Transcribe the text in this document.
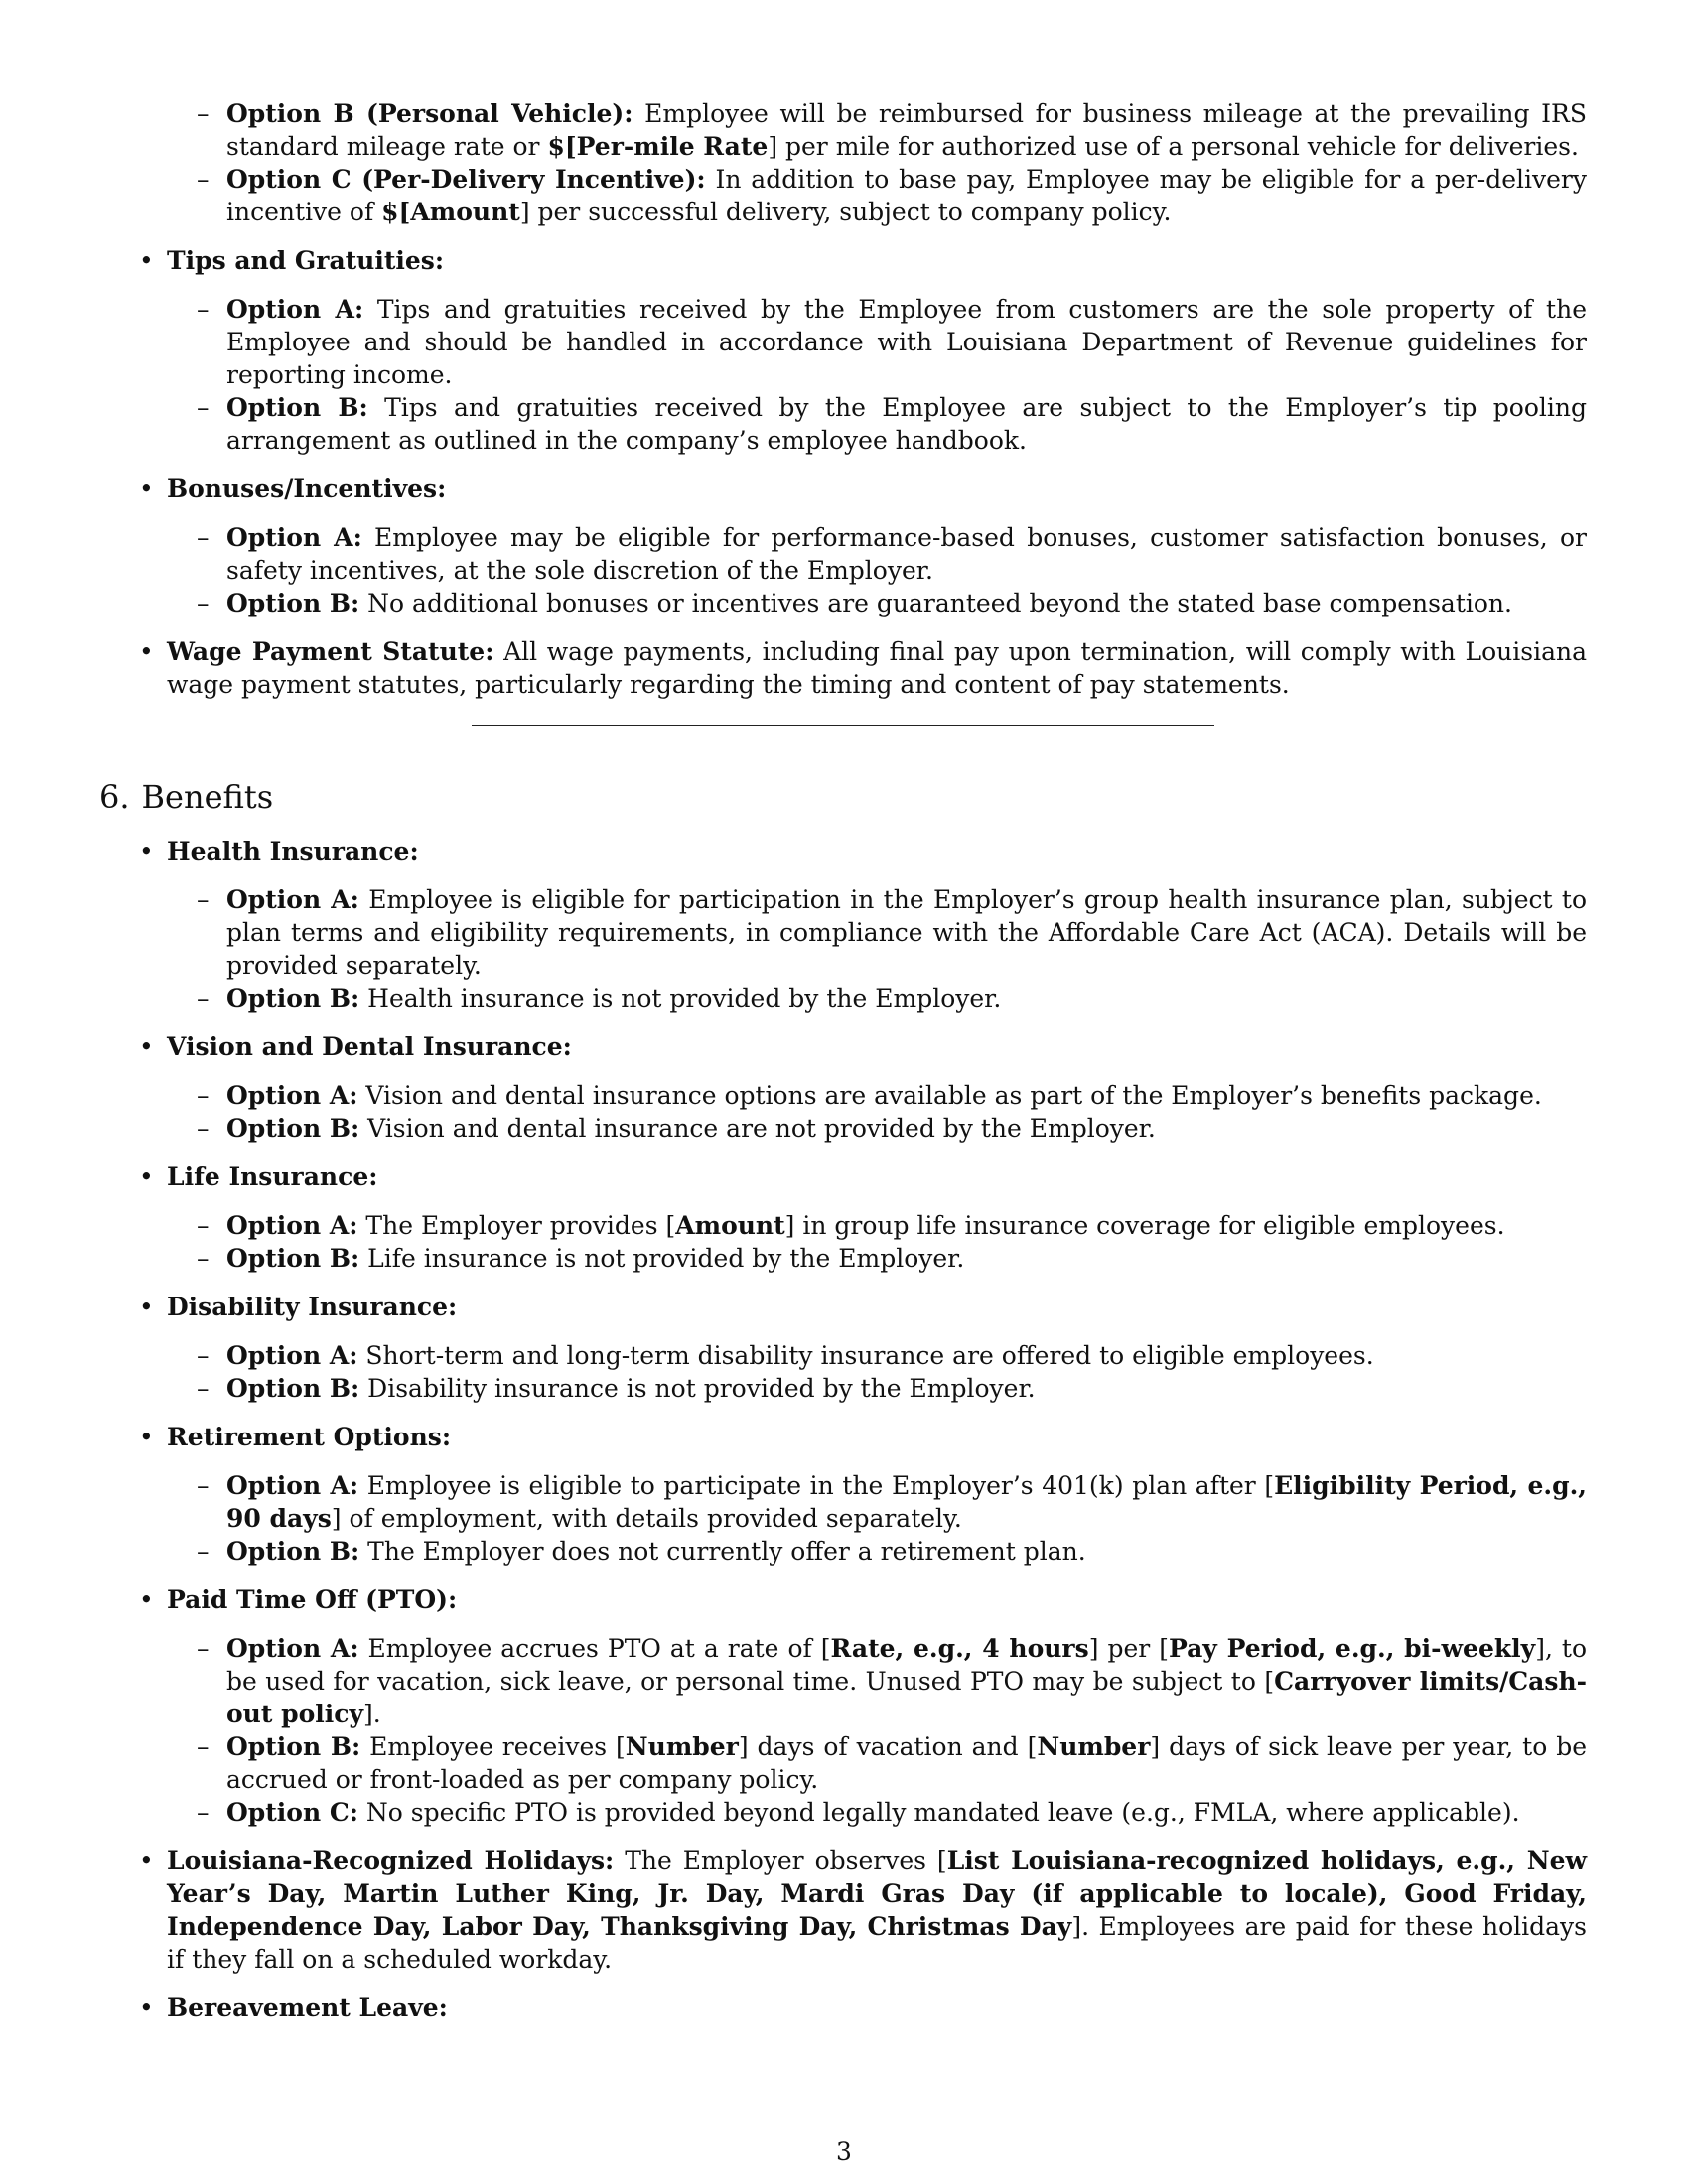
– Option B (Personal Vehicle): Employee will be reimbursed for business mileage at the prevailing IRS standard mileage rate or $[Per-mile Rate] per mile for authorized use of a personal vehicle for deliveries.
– Option C (Per-Delivery Incentive): In addition to base pay, Employee may be eligible for a per-delivery incentive of $[Amount] per successful delivery, subject to company policy.
• Tips and Gratuities:
– Option A: Tips and gratuities received by the Employee from customers are the sole property of the Employee and should be handled in accordance with Louisiana Department of Revenue guidelines for reporting income.
– Option B: Tips and gratuities received by the Employee are subject to the Employer’s tip pooling arrangement as outlined in the company’s employee handbook.
• Bonuses/Incentives:
– Option A: Employee may be eligible for performance-based bonuses, customer satisfaction bonuses, or safety incentives, at the sole discretion of the Employer.
– Option B: No additional bonuses or incentives are guaranteed beyond the stated base compensation.
• Wage Payment Statute: All wage payments, including final pay upon termination, will comply with Louisiana wage payment statutes, particularly regarding the timing and content of pay statements.
6. Benefits
• Health Insurance:
– Option A: Employee is eligible for participation in the Employer’s group health insurance plan, subject to plan terms and eligibility requirements, in compliance with the Affordable Care Act (ACA). Details will be provided separately.
– Option B: Health insurance is not provided by the Employer.
• Vision and Dental Insurance:
– Option A: Vision and dental insurance options are available as part of the Employer’s benefits package.
– Option B: Vision and dental insurance are not provided by the Employer.
• Life Insurance:
– Option A: The Employer provides [Amount] in group life insurance coverage for eligible employees.
– Option B: Life insurance is not provided by the Employer.
• Disability Insurance:
– Option A: Short-term and long-term disability insurance are offered to eligible employees.
– Option B: Disability insurance is not provided by the Employer.
• Retirement Options:
– Option A: Employee is eligible to participate in the Employer’s 401(k) plan after [Eligibility Period, e.g., 90 days] of employment, with details provided separately.
– Option B: The Employer does not currently offer a retirement plan.
• Paid Time Off (PTO):
– Option A: Employee accrues PTO at a rate of [Rate, e.g., 4 hours] per [Pay Period, e.g., bi-weekly], to be used for vacation, sick leave, or personal time. Unused PTO may be subject to [Carryover limits/Cash-out policy].
– Option B: Employee receives [Number] days of vacation and [Number] days of sick leave per year, to be accrued or front-loaded as per company policy.
– Option C: No specific PTO is provided beyond legally mandated leave (e.g., FMLA, where applicable).
• Louisiana-Recognized Holidays: The Employer observes [List Louisiana-recognized holidays, e.g., New Year’s Day, Martin Luther King, Jr. Day, Mardi Gras Day (if applicable to locale), Good Friday, Independence Day, Labor Day, Thanksgiving Day, Christmas Day]. Employees are paid for these holidays if they fall on a scheduled workday.
• Bereavement Leave:
3
